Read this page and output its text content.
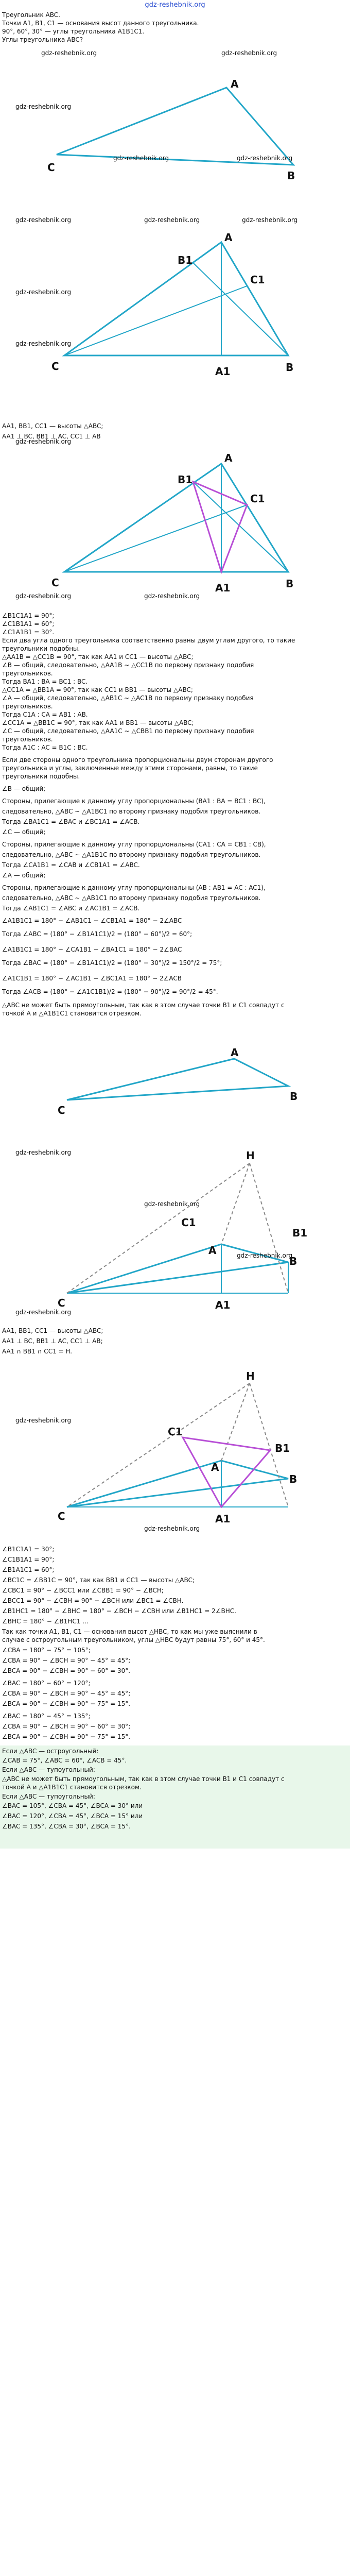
gdz-reshebnik.org
Треугольник ABC.
Точки A1, B1, C1 — основания высот данного треугольника.
90°, 60°, 30° — углы треугольника A1B1C1.
Углы треугольника ABC?
A
B
C
A
B
C	A1
B1
C1
AA1, BB1, CC1 — высоты △ABC;
AA1 ⊥ BC, BB1 ⊥ AC, CC1 ⊥ AB
A
B
C	A1
B1
C1
∠B1C1A1 = 90°;
∠C1B1A1 = 60°;
∠C1A1B1 = 30°.
Если два угла одного треугольника соответственно равны двум углам другого, то такие
треугольники подобны.
△AA1B = △CC1B = 90°, так как AA1 и CC1 — высоты △ABC;
∠B — общий, следовательно, △AA1B ∼ △CC1B по первому признаку подобия
треугольников.
Тогда BA1 : BA = BC1 : BC.
△CC1A = △BB1A = 90°, так как CC1 и BB1 — высоты △ABC;
∠A — общий, следовательно, △AB1C ∼ △AC1B по первому признаку подобия
треугольников.
Тогда C1A : CA = AB1 : AB.
∠CC1A = △BB1C = 90°, так как AA1 и BB1 — высоты △ABC;
∠C — общий, следовательно, △AA1C ∼ △CBB1 по первому признаку подобия
треугольников.
Тогда A1C : AC = B1C : BC.
Если две стороны одного треугольника пропорциональны двум сторонам другого
треугольника и углы, заключенные между этими сторонами, равны, то такие
треугольники подобны.
∠B — общий;
Стороны, прилегающие к данному углу пропорциональны (BA1 : BA = BC1 : BC),
следовательно, △ABC ∼ △A1BC1 по второму признаку подобия треугольников.
Тогда ∠BA1C1 = ∠BAC и ∠BC1A1 = ∠ACB.
∠C — общий;
Стороны, прилегающие к данному углу пропорциональны (CA1 : CA = CB1 : CB),
следовательно, △ABC ∼ △A1B1C по второму признаку подобия треугольников.
Тогда ∠CA1B1 = ∠CAB и ∠CB1A1 = ∠ABC.
∠A — общий;
Стороны, прилегающие к данному углу пропорциональны (AB : AB1 = AC : AC1),
следовательно, △ABC ∼ △AB1C1 по второму признаку подобия треугольников.
Тогда ∠AB1C1 = ∠ABC и ∠AC1B1 = ∠ACB.
∠A1B1C1 = 180° − ∠AB1C1 − ∠CB1A1 = 180° − 2∠ABC
Тогда ∠ABC = (180° − ∠B1A1C1)/2 = (180° − 60°)/2 = 60°;
∠A1B1C1 = 180° − ∠CA1B1 − ∠BA1C1 = 180° − 2∠BAC
Тогда ∠BAC = (180° − ∠B1A1C1)/2 = (180° − 30°)/2 = 150°/2 = 75°;
∠A1C1B1 = 180° − ∠AC1B1 − ∠BC1A1 = 180° − 2∠ACB
Тогда ∠ACB = (180° − ∠A1C1B1)/2 = (180° − 90°)/2 = 90°/2 = 45°.
△ABC не может быть прямоугольным, так как в этом случае точки B1 и C1 совпадут с
точкой A и △A1B1C1 становится отрезком.
A
B
C
H
A
B
C	A1
B1
C1
AA1, BB1, CC1 — высоты △ABC;
AA1 ⊥ BC, BB1 ⊥ AC, CC1 ⊥ AB;
AA1 ∩ BB1 ∩ CC1 = H.
H
A
B
C	A1
B1
C1
∠B1C1A1 = 30°;
∠C1B1A1 = 90°;
∠B1A1C1 = 60°;
∠BC1C = ∠BB1C = 90°, так как BB1 и CC1 — высоты △ABC;
∠CBC1 = 90° − ∠BCC1 или ∠CBB1 = 90° − ∠BCH;
∠BCC1 = 90° − ∠CBH = 90° − ∠BCH или ∠BC1 = ∠CBH.
∠B1HC1 = 180° − ∠BHC = 180° − ∠BCH − ∠CBH или ∠B1HC1 = 2∠BHC.
∠BHC = 180° − ∠B1HC1 ...
Так как точки A1, B1, C1 — основания высот △HBC, то как мы уже выяснили в
случае с остроугольным треугольником, углы △HBC будут равны 75°, 60° и 45°.
∠CBA = 180° − 75° = 105°;
∠CBA = 90° − ∠BCH = 90° − 45° = 45°;
∠BCA = 90° − ∠CBH = 90° − 60° = 30°.
∠BAC = 180° − 60° = 120°;
∠CBA = 90° − ∠BCH = 90° − 45° = 45°;
∠BCA = 90° − ∠CBH = 90° − 75° = 15°.
∠BAC = 180° − 45° = 135°;
∠CBA = 90° − ∠BCH = 90° − 60° = 30°;
∠BCA = 90° − ∠CBH = 90° − 75° = 15°.
Если △ABC — остроугольный:
∠CAB = 75°, ∠ABC = 60°, ∠ACB = 45°.
Если △ABC — тупоугольный:
△ABC не может быть прямоугольным, так как в этом случае точки B1 и C1 совпадут с
точкой A и △A1B1C1 становится отрезком.
Если △ABC — тупоугольный:
∠BAC = 105°, ∠CBA = 45°, ∠BCA = 30° или
∠BAC = 120°, ∠CBA = 45°, ∠BCA = 15° или
∠BAC = 135°, ∠CBA = 30°, ∠BCA = 15°.
gdz-reshebnik.org	gdz-reshebnik.org
gdz-reshebnik.org
gdz-reshebnik.org	gdz-reshebnik.org
gdz-reshebnik.org	gdz-reshebnik.org	gdz-reshebnik.org
gdz-reshebnik.org
gdz-reshebnik.org
gdz-reshebnik.org
gdz-reshebnik.org
gdz-reshebnik.org
gdz-reshebnik.org
gdz-reshebnik.org
gdz-reshebnik.org
gdz-reshebnik.org
gdz-reshebnik.org
gdz-reshebnik.org
